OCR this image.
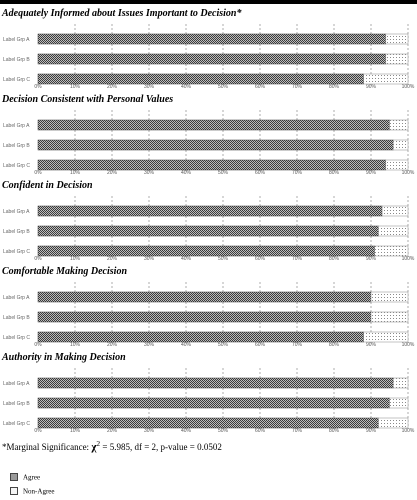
Adequately Informed about Issues Important to Decision*
0%	10%	20%	30%	40%	50%	60%	70%	80%	90%	100%
Label Grp A
Label Grp B
Label Grp C
Decision Consistent with Personal Values
0%	10%	20%	30%	40%	50%	60%	70%	80%	90%	100%
Label Grp A
Label Grp B
Label Grp C
Confident in Decision
0%	10%	20%	30%	40%	50%	60%	70%	80%	90%	100%
Label Grp A
Label Grp B
Label Grp C
Comfortable Making Decision
0%	10%	20%	30%	40%	50%	60%	70%	80%	90%	100%
Label Grp A
Label Grp B
Label Grp C
Authority in Making Decision
0%	10%	20%	30%	40%	50%	60%	70%	80%	90%	100%
Label Grp A
Label Grp B
Label Grp C
*Marginal Significance: $\chi^2 = 5.985$, df = 2, p-value = 0.0502
Agree
Non-Agree
